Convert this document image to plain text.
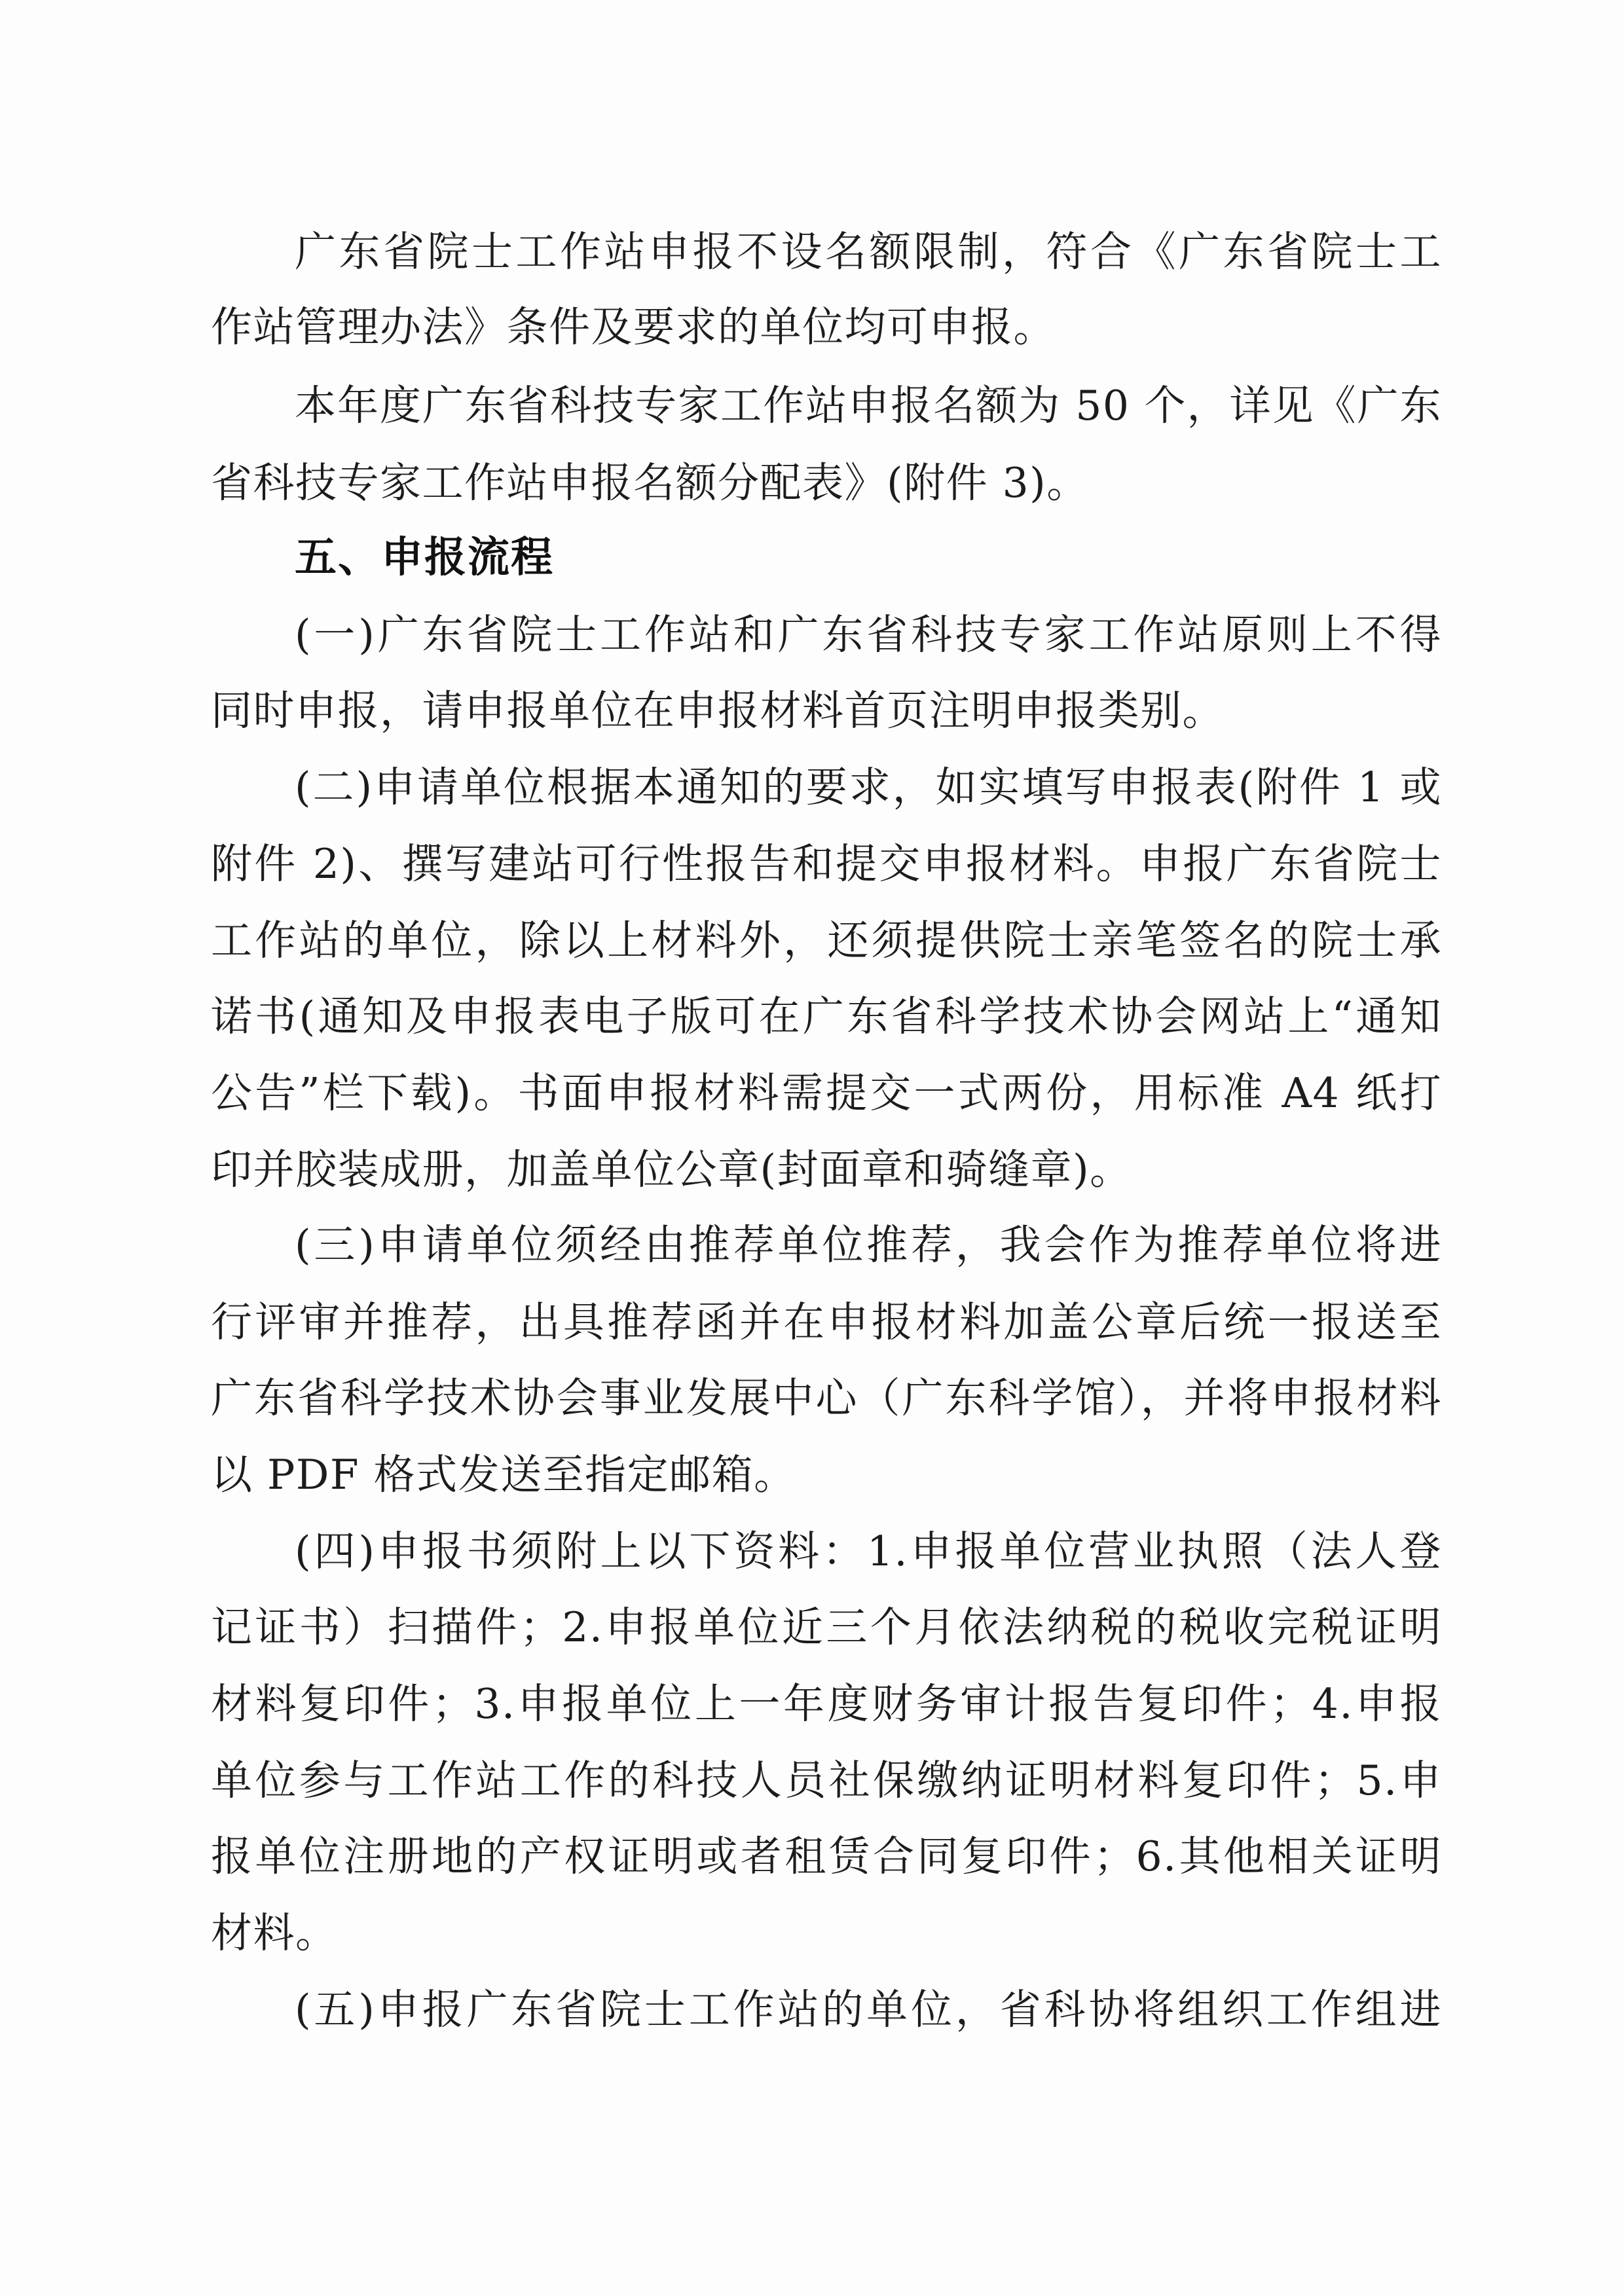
广东省院士工作站申报不设名额限制，符合《广东省院士工

作站管理办法》条件及要求的单位均可申报。

本年度广东省科技专家工作站申报名额为 50 个，详见《广东

省科技专家工作站申报名额分配表》(附件 3)。

五、申报流程

(一)广东省院士工作站和广东省科技专家工作站原则上不得

同时申报，请申报单位在申报材料首页注明申报类别。

(二)申请单位根据本通知的要求，如实填写申报表(附件 1 或

附件 2)、撰写建站可行性报告和提交申报材料。申报广东省院士

工作站的单位，除以上材料外，还须提供院士亲笔签名的院士承

诺书(通知及申报表电子版可在广东省科学技术协会网站上“通知

公告”栏下载)。书面申报材料需提交一式两份，用标准 A4 纸打

印并胶装成册，加盖单位公章(封面章和骑缝章)。

(三)申请单位须经由推荐单位推荐，我会作为推荐单位将进

行评审并推荐，出具推荐函并在申报材料加盖公章后统一报送至

广东省科学技术协会事业发展中心（广东科学馆），并将申报材料

以 PDF 格式发送至指定邮箱。

(四)申报书须附上以下资料：1.申报单位营业执照（法人登

记证书）扫描件；2.申报单位近三个月依法纳税的税收完税证明

材料复印件；3.申报单位上一年度财务审计报告复印件；4.申报

单位参与工作站工作的科技人员社保缴纳证明材料复印件；5.申

报单位注册地的产权证明或者租赁合同复印件；6.其他相关证明

材料。

(五)申报广东省院士工作站的单位，省科协将组织工作组进
